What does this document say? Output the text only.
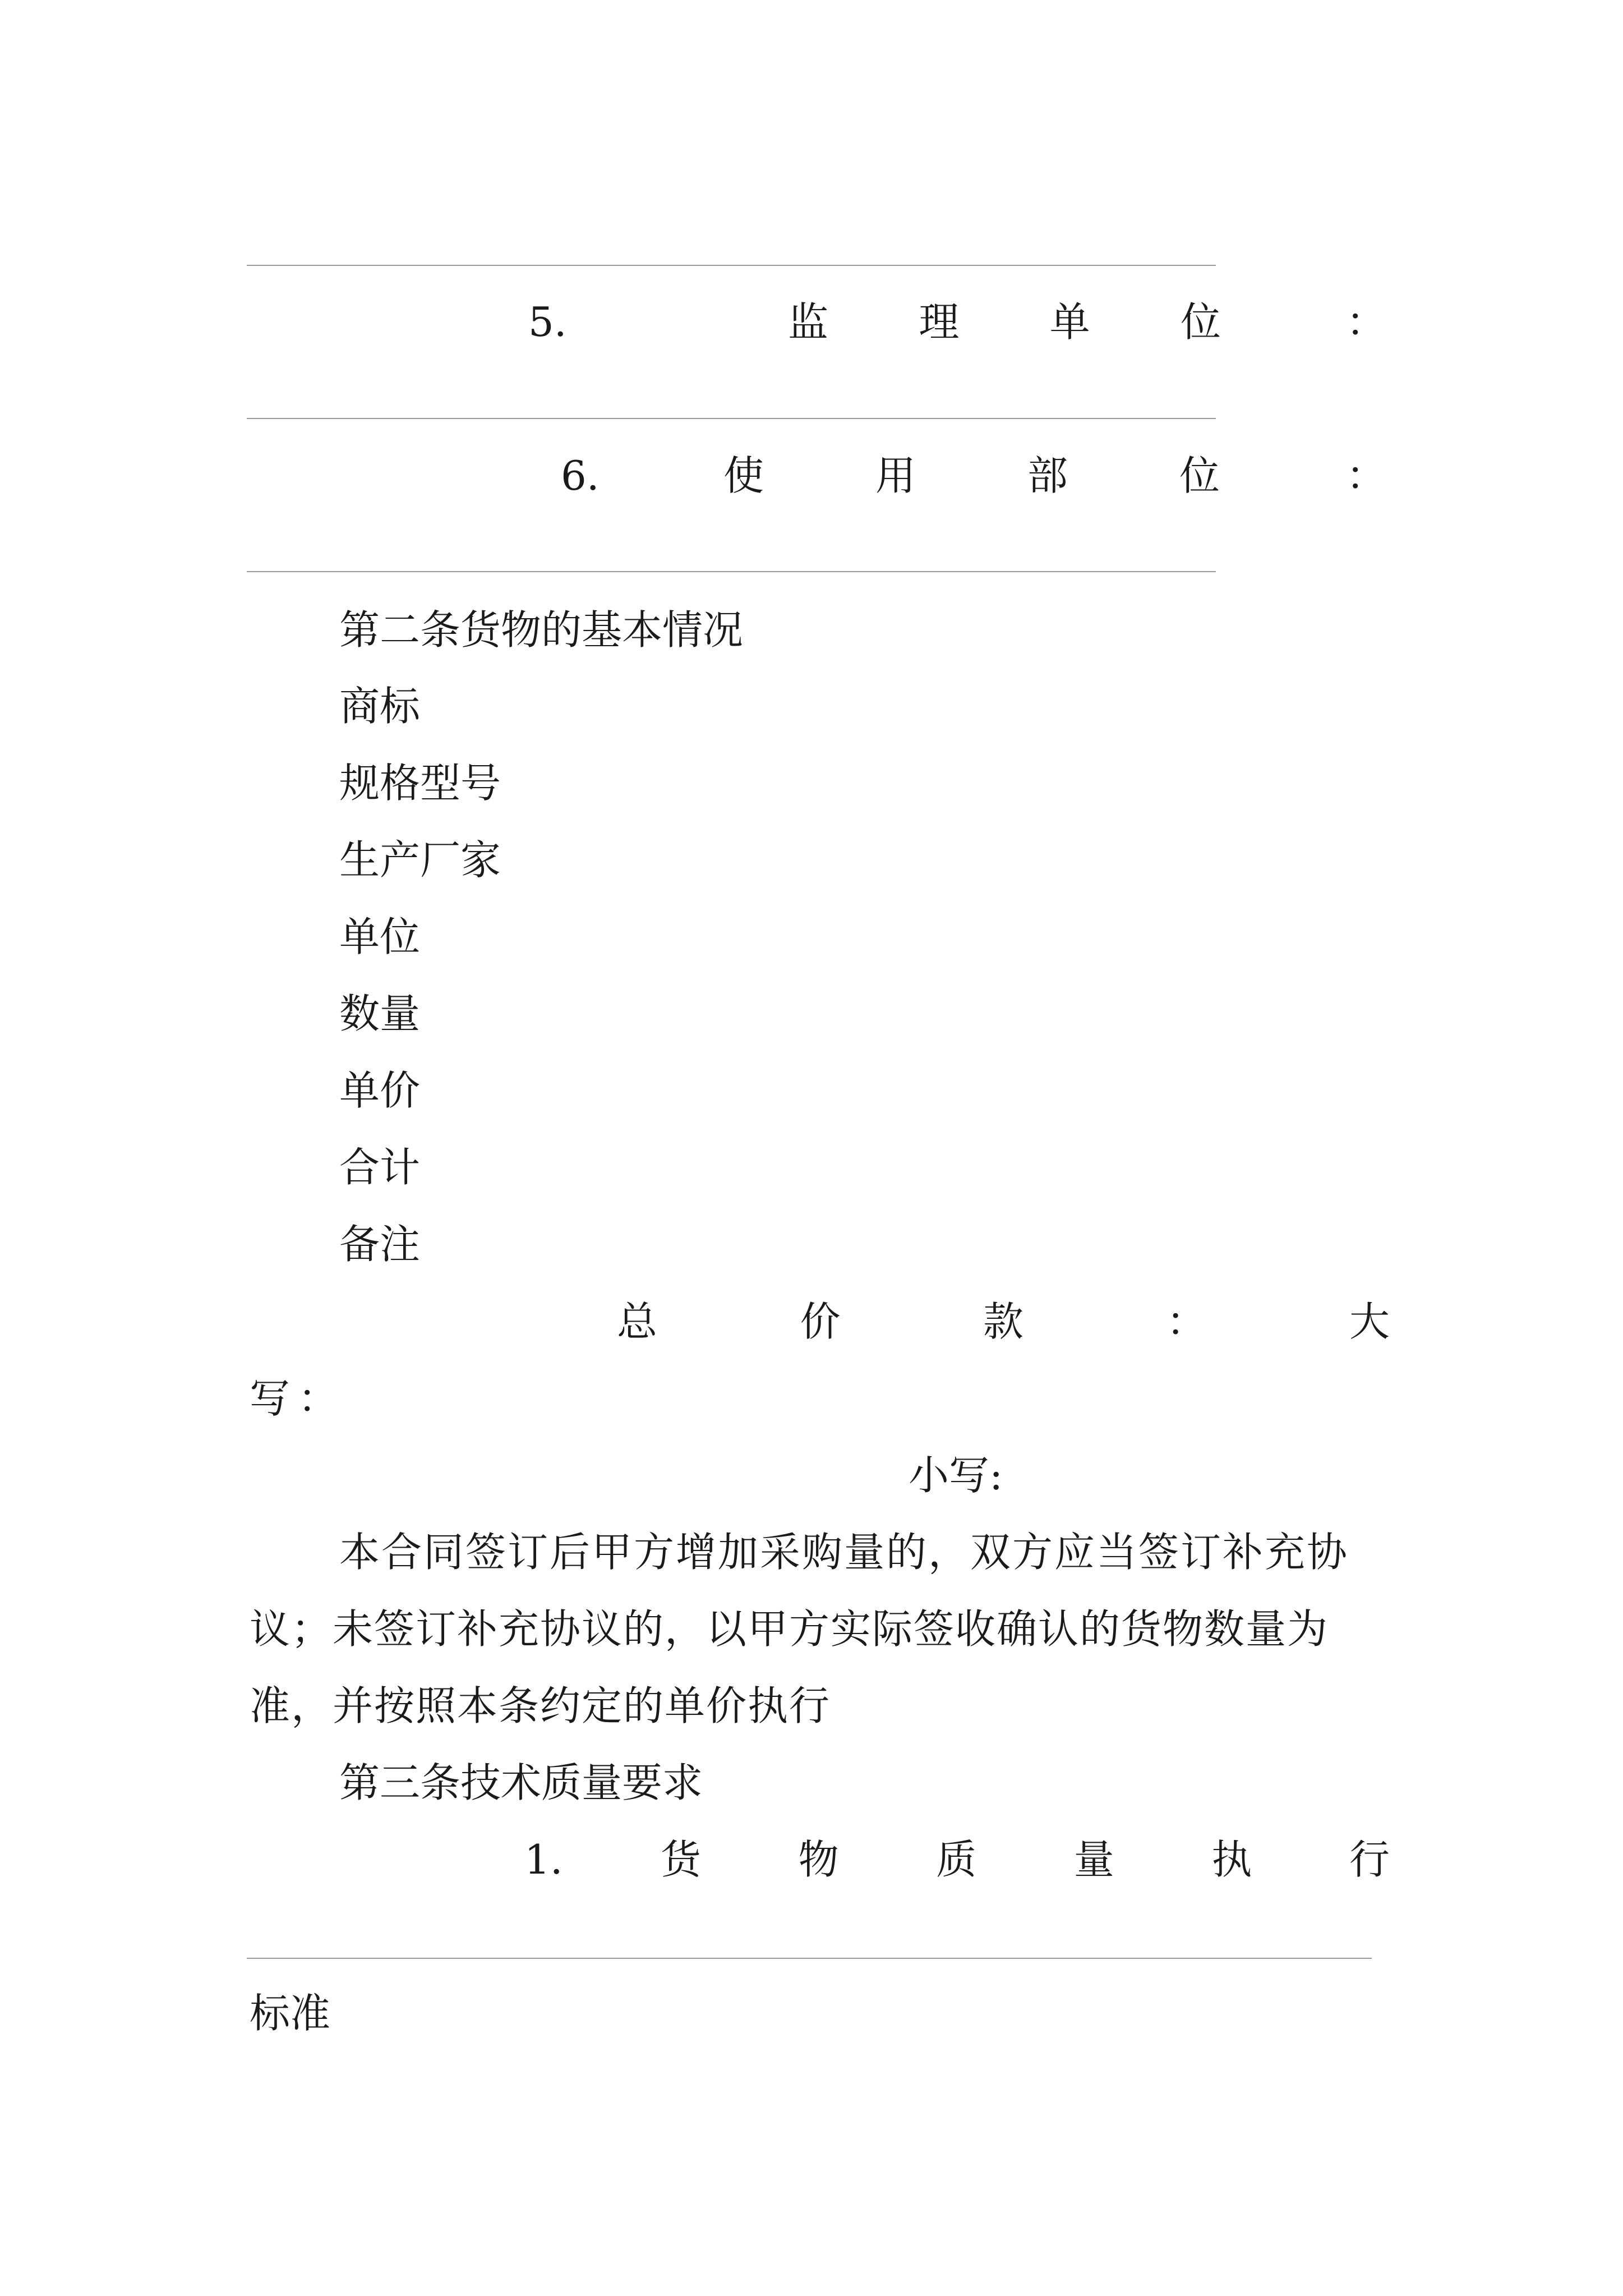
5.	监 理 单 位	：
6.	使	用	部	位	：
第二条货物的基本情况
商标
规格型号
生产厂家
单位
数量
单价
合计
备注
总	价	款	：	大
写：
小写:
本合同签订后甲方增加采购量的，双方应当签订补充协
议；未签订补充协议的，以甲方实际签收确认的货物数量为
准，并按照本条约定的单价执行
第三条技术质量要求
1. 货 物 质 量 执 行
标准
